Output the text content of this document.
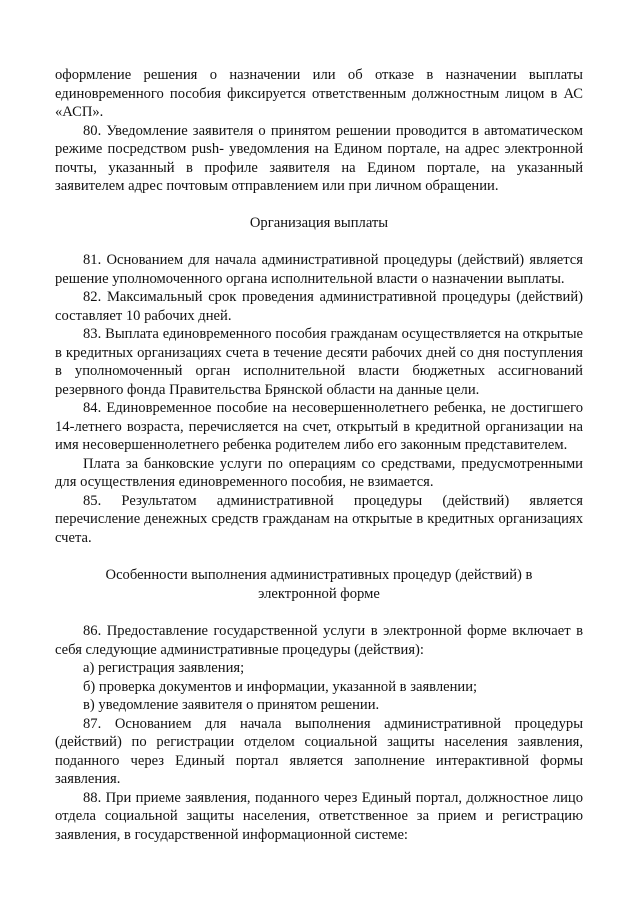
оформление решения о назначении или об отказе в назначении выплаты единовременного пособия фиксируется ответственным должностным лицом в АС «АСП».

80. Уведомление заявителя о принятом решении проводится в автоматическом режиме посредством push- уведомления на Едином портале, на адрес электронной почты, указанный в профиле заявителя на Едином портале, на указанный заявителем адрес почтовым отправлением или при личном обращении.

Организация выплаты

81. Основанием для начала административной процедуры (действий) является решение уполномоченного органа исполнительной власти о назначении выплаты.

82. Максимальный срок проведения административной процедуры (действий) составляет 10 рабочих дней.

83. Выплата единовременного пособия гражданам осуществляется на открытые в кредитных организациях счета в течение десяти рабочих дней со дня поступления в уполномоченный орган исполнительной власти бюджетных ассигнований резервного фонда Правительства Брянской области на данные цели.

84. Единовременное пособие на несовершеннолетнего ребенка, не достигшего 14-летнего возраста, перечисляется на счет, открытый в кредитной организации на имя несовершеннолетнего ребенка родителем либо его законным представителем.

Плата за банковские услуги по операциям со средствами, предусмотренными для осуществления единовременного пособия, не взимается.

85. Результатом административной процедуры (действий) является перечисление денежных средств гражданам на открытые в кредитных организациях счета.

Особенности выполнения административных процедур (действий) в

электронной форме

86. Предоставление государственной услуги в электронной форме включает в себя следующие административные процедуры (действия):

а) регистрация заявления;

б) проверка документов и информации, указанной в заявлении;

в) уведомление заявителя о принятом решении.

87. Основанием для начала выполнения административной процедуры (действий) по регистрации отделом социальной защиты населения заявления, поданного через Единый портал является заполнение интерактивной формы заявления.

88. При приеме заявления, поданного через Единый портал, должностное лицо отдела социальной защиты населения, ответственное за прием и регистрацию заявления, в государственной информационной системе:
